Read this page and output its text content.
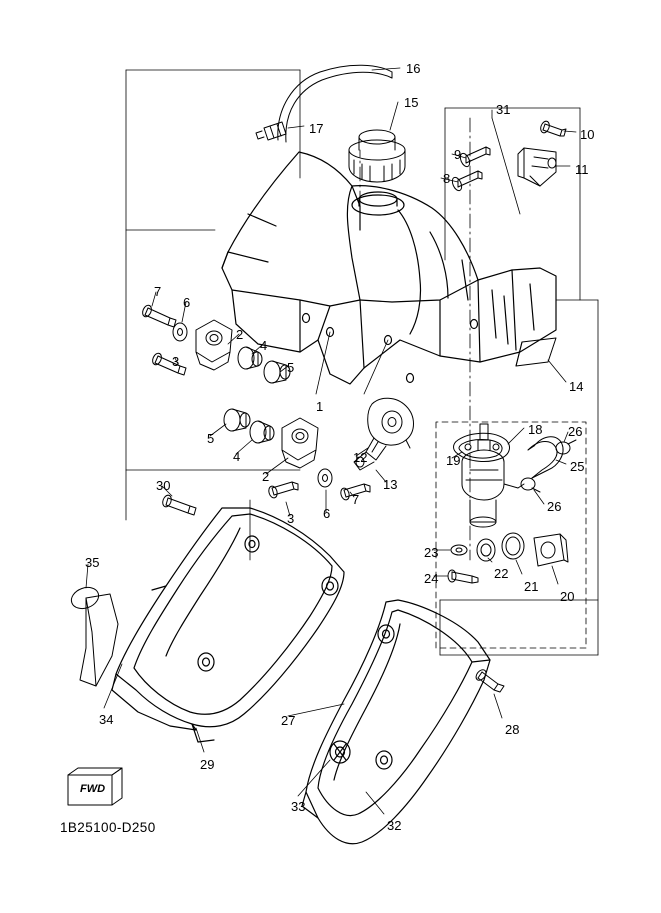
FWD
1B25100-D250
16
15	31
17	10
9
11
8
7
6
2
4
3	5
1
14
5
4	12
2
13
18
19
26
25
26
3 6
7
30
23
22
21
20
24
35
34
29
27
28
33
32
